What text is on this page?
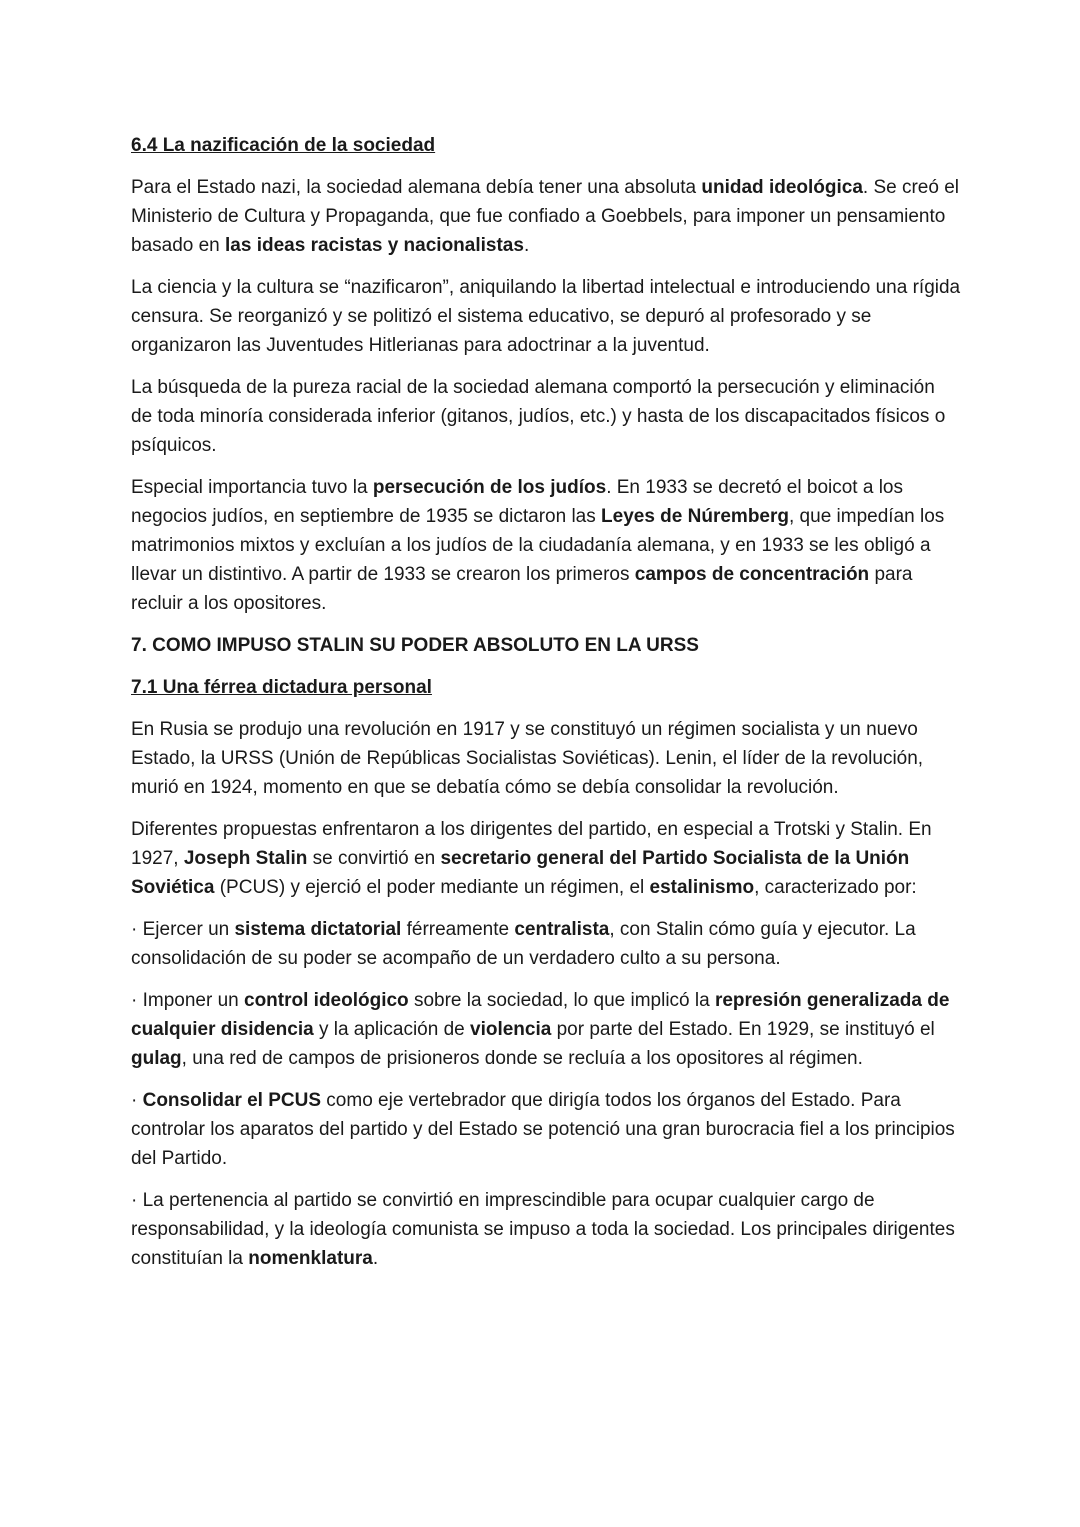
6.4 La nazificación de la sociedad

Para el Estado nazi, la sociedad alemana debía tener una absoluta unidad ideológica. Se creó el Ministerio de Cultura y Propaganda, que fue confiado a Goebbels, para imponer un pensamiento basado en las ideas racistas y nacionalistas.

La ciencia y la cultura se “nazificaron”, aniquilando la libertad intelectual e introduciendo una rígida censura. Se reorganizó y se politizó el sistema educativo, se depuró al profesorado y se organizaron las Juventudes Hitlerianas para adoctrinar a la juventud.

La búsqueda de la pureza racial de la sociedad alemana comportó la persecución y eliminación de toda minoría considerada inferior (gitanos, judíos, etc.) y hasta de los discapacitados físicos o psíquicos.

Especial importancia tuvo la persecución de los judíos. En 1933 se decretó el boicot a los negocios judíos, en septiembre de 1935 se dictaron las Leyes de Núremberg, que impedían los matrimonios mixtos y excluían a los judíos de la ciudadanía alemana, y en 1933 se les obligó a llevar un distintivo. A partir de 1933 se crearon los primeros campos de concentración para recluir a los opositores.

7. COMO IMPUSO STALIN SU PODER ABSOLUTO EN LA URSS
7.1 Una férrea dictadura personal

En Rusia se produjo una revolución en 1917 y se constituyó un régimen socialista y un nuevo Estado, la URSS (Unión de Repúblicas Socialistas Soviéticas). Lenin, el líder de la revolución, murió en 1924, momento en que se debatía cómo se debía consolidar la revolución.

Diferentes propuestas enfrentaron a los dirigentes del partido, en especial a Trotski y Stalin. En 1927, Joseph Stalin se convirtió en secretario general del Partido Socialista de la Unión Soviética (PCUS) y ejerció el poder mediante un régimen, el estalinismo, caracterizado por:

· Ejercer un sistema dictatorial férreamente centralista, con Stalin cómo guía y ejecutor. La consolidación de su poder se acompaño de un verdadero culto a su persona.

· Imponer un control ideológico sobre la sociedad, lo que implicó la represión generalizada de cualquier disidencia y la aplicación de violencia por parte del Estado. En 1929, se instituyó el gulag, una red de campos de prisioneros donde se recluía a los opositores al régimen.

· Consolidar el PCUS como eje vertebrador que dirigía todos los órganos del Estado. Para controlar los aparatos del partido y del Estado se potenció una gran burocracia fiel a los principios del Partido.

· La pertenencia al partido se convirtió en imprescindible para ocupar cualquier cargo de responsabilidad, y la ideología comunista se impuso a toda la sociedad. Los principales dirigentes constituían la nomenklatura.
